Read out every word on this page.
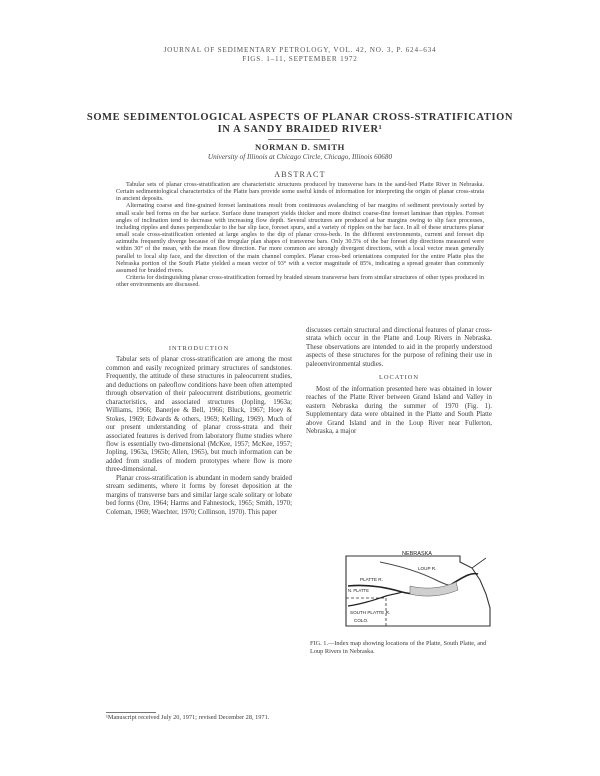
JOURNAL OF SEDIMENTARY PETROLOGY, VOL. 42, NO. 3, P. 624–634
FIGS. 1–11, SEPTEMBER 1972
SOME SEDIMENTOLOGICAL ASPECTS OF PLANAR CROSS-STRATIFICATION
IN A SANDY BRAIDED RIVER¹
NORMAN D. SMITH
University of Illinois at Chicago Circle, Chicago, Illinois 60680
ABSTRACT

Tabular sets of planar cross-stratification are characteristic structures produced by transverse bars in the sand-bed Platte River in Nebraska. Certain sedimentological characteristics of the Platte bars provide some useful kinds of information for interpreting the origin of planar cross-strata in ancient deposits.

Alternating coarse and fine-grained foreset laminations result from continuous avalanching of bar margins of sediment previously sorted by small scale bed forms on the bar surface. Surface dune transport yields thicker and more distinct coarse-fine foreset laminae than ripples. Foreset angles of inclination tend to decrease with increasing flow depth. Several structures are produced at bar margins owing to slip face processes, including ripples and dunes perpendicular to the bar slip face, foreset spurs, and a variety of ripples on the bar face. In all of these structures planar small scale cross-stratification oriented at large angles to the dip of planar cross-beds. In the different environments, current and foreset dip azimuths frequently diverge because of the irregular plan shapes of transverse bars. Only 30.5% of the bar foreset dip directions measured were within 30° of the mean, with the mean flow direction. Far more common are strongly divergent directions, with a local vector mean generally parallel to local slip face, and the direction of the main channel complex. Planar cross-bed orientations computed for the entire Platte plus the Nebraska portion of the South Platte yielded a mean vector of 93° with a vector magnitude of 85%, indicating a spread greater than commonly assumed for braided rivers.

Criteria for distinguishing planar cross-stratification formed by braided stream transverse bars from similar structures of other types produced in other environments are discussed.

INTRODUCTION

Tabular sets of planar cross-stratification are among the most common and easily recognized primary structures of sandstones. Frequently, the attitude of these structures in paleocurrent studies, and deductions on paleoflow conditions have been often attempted through observation of their paleocurrent distributions, geometric characteristics, and associated structures (Jopling, 1963a; Williams, 1966; Banerjee & Bell, 1966; Bluck, 1967; Hoey & Stokes, 1969; Edwards & others, 1969; Kelling, 1969). Much of our present understanding of planar cross-strata and their associated features is derived from laboratory flume studies where flow is essentially two-dimensional (McKee, 1957; McKee, 1957; Jopling, 1963a, 1965b; Allen, 1965), but much information can be added from studies of modern prototypes where flow is more three-dimensional.

Planar cross-stratification is abundant in modern sandy braided stream sediments, where it forms by foreset deposition at the margins of transverse bars and similar large scale solitary or lobate bed forms (Ore, 1964; Harms and Fahnestock, 1965; Smith, 1970; Coleman, 1969; Waechter, 1970; Collinson, 1970). This paper

¹Manuscript received July 20, 1971; revised December 28, 1971.

discusses certain structural and directional features of planar cross-strata which occur in the Platte and Loup Rivers in Nebraska. These observations are intended to aid in the properly understood aspects of these structures for the purpose of refining their use in paleoenvironmental studies.

LOCATION

Most of the information presented here was obtained in lower reaches of the Platte River between Grand Island and Valley in eastern Nebraska during the summer of 1970 (Fig. 1). Supplementary data were obtained in the Platte and South Platte above Grand Island and in the Loup River near Fullerton, Nebraska, a major

NEBRASKA
LOUP R.
PLATTE R.
SOUTH PLATTE R.
N. PLATTE
COLO.
FIG. 1.—Index map showing locations of the Platte, South Platte, and Loup Rivers in Nebraska.
